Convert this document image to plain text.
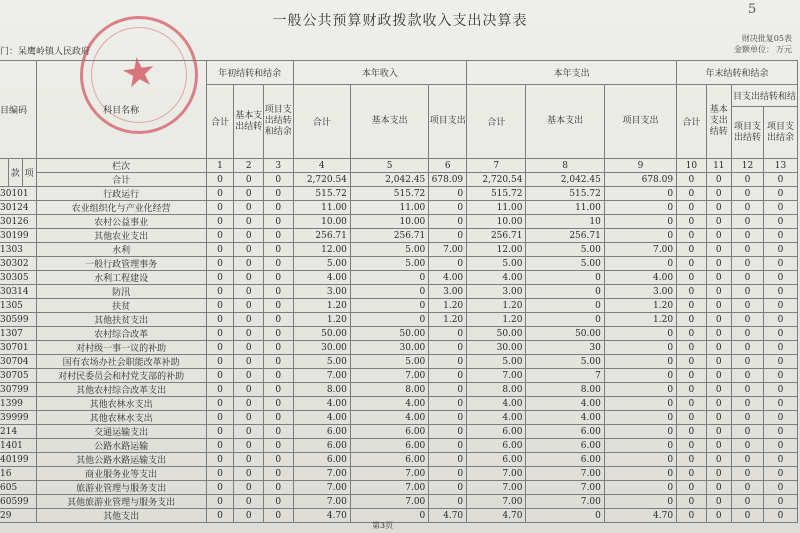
★
一般公共预算财政拨款收入支出决算表
5
财决批复05表
金额单位： 万元
门：呆鹰岭镇人民政府
目编码			科目名称	年初结转和结余			本年收入			本年支出			年末结转和结余			
				合计	基本支出结转	项目支出结转和结余	合计	基本支出	项目支出	合计	基本支出	项目支出	合计	基本支出结转	目支出结转和结	
															项目支出结转	项目支出结余
	款	项	栏次	1	2	3	4	5	6	7	8	9	10	11	12	13
			合计	0	0	0	2,720.54	2,042.45	678.09	2,720.54	2,042.45	678.09	0	0	0	0
30101			行政运行	0	0	0	515.72	515.72	0	515.72	515.72	0	0	0	0	0
30124			农业组织化与产业化经营	0	0	0	11.00	11.00	0	11.00	11.00	0	0	0	0	0
30126			农村公益事业	0	0	0	10.00	10.00	0	10.00	10	0	0	0	0	0
30199			其他农业支出	0	0	0	256.71	256.71	0	256.71	256.71	0	0	0	0	0
1303			水利	0	0	0	12.00	5.00	7.00	12.00	5.00	7.00	0	0	0	0
30302			一般行政管理事务	0	0	0	5.00	5.00	0	5.00	5.00	0	0	0	0	0
30305			水利工程建设	0	0	0	4.00	0	4.00	4.00	0	4.00	0	0	0	0
30314			防汛	0	0	0	3.00	0	3.00	3.00	0	3.00	0	0	0	0
1305			扶贫	0	0	0	1.20	0	1.20	1.20	0	1.20	0	0	0	0
30599			其他扶贫支出	0	0	0	1.20	0	1.20	1.20	0	1.20	0	0	0	0
1307			农村综合改革	0	0	0	50.00	50.00	0	50.00	50.00	0	0	0	0	0
30701			对村级一事一议的补助	0	0	0	30.00	30.00	0	30.00	30	0	0	0	0	0
30704			国有农场办社会职能改革补助	0	0	0	5.00	5.00	0	5.00	5.00	0	0	0	0	0
30705			对村民委员会和村党支部的补助	0	0	0	7.00	7.00	0	7.00	7	0	0	0	0	0
30799			其他农村综合改革支出	0	0	0	8.00	8.00	0	8.00	8.00	0	0	0	0	0
1399			其他农林水支出	0	0	0	4.00	4.00	0	4.00	4.00	0	0	0	0	0
39999			其他农林水支出	0	0	0	4.00	4.00	0	4.00	4.00	0	0	0	0	0
214			交通运输支出	0	0	0	6.00	6.00	0	6.00	6.00	0	0	0	0	0
1401			公路水路运输	0	0	0	6.00	6.00	0	6.00	6.00	0	0	0	0	0
40199			其他公路水路运输支出	0	0	0	6.00	6.00	0	6.00	6.00	0	0	0	0	0
16			商业服务业等支出	0	0	0	7.00	7.00	0	7.00	7.00	0	0	0	0	0
605			旅游业管理与服务支出	0	0	0	7.00	7.00	0	7.00	7.00	0	0	0	0	0
60599			其他旅游业管理与服务支出	0	0	0	7.00	7.00	0	7.00	7.00	0	0	0	0	0
29			其他支出	0	0	0	4.70	0	4.70	4.70	0	4.70	0	0	0	0
第3页
